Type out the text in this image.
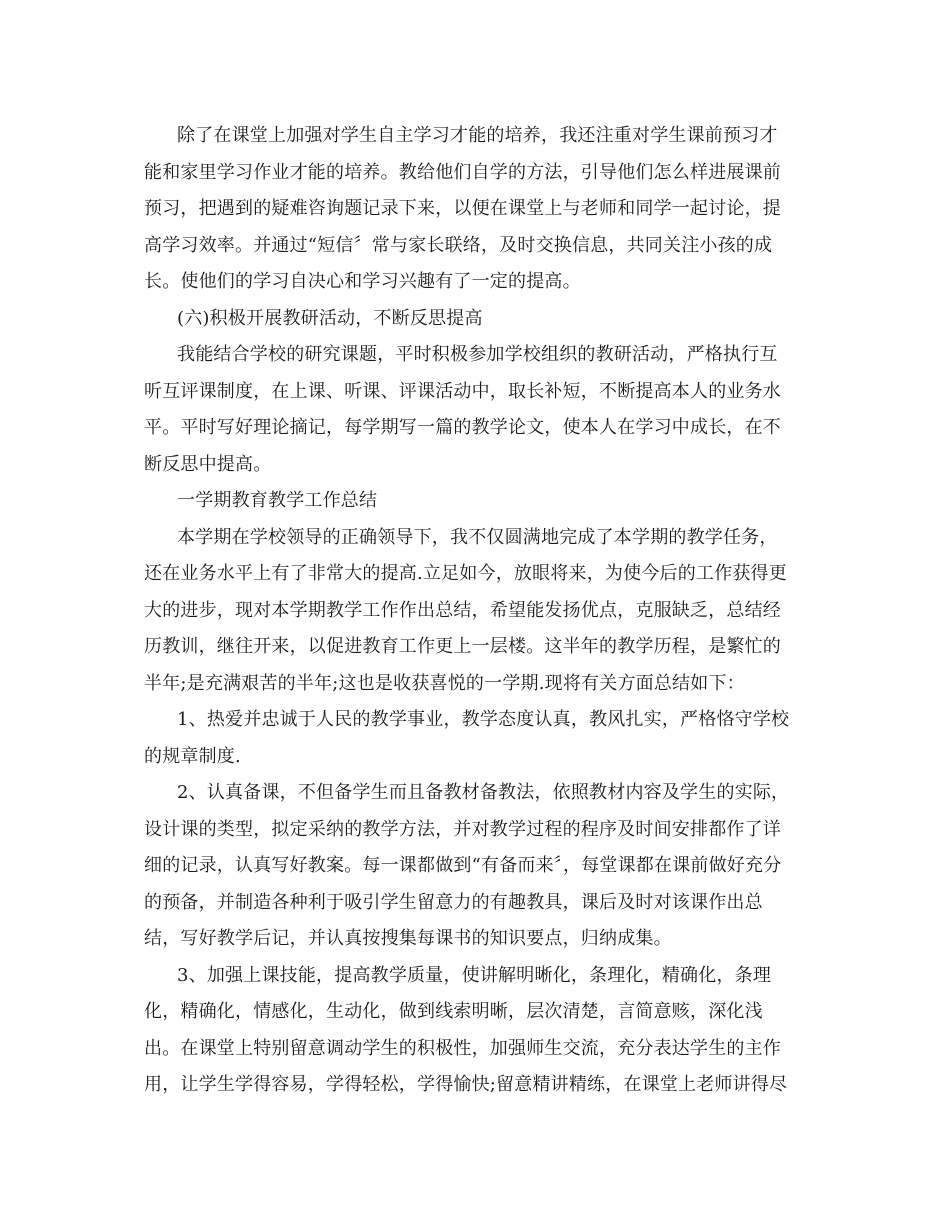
除了在课堂上加强对学生自主学习才能的培养，我还注重对学生课前预习才
能和家里学习作业才能的培养。教给他们自学的方法，引导他们怎么样进展课前
预习，把遇到的疑难咨询题记录下来，以便在课堂上与老师和同学一起讨论，提
高学习效率。并通过“短信〞常与家长联络，及时交换信息，共同关注小孩的成
长。使他们的学习自决心和学习兴趣有了一定的提高。
(六)积极开展教研活动，不断反思提高
我能结合学校的研究课题，平时积极参加学校组织的教研活动，严格执行互
听互评课制度，在上课、听课、评课活动中，取长补短，不断提高本人的业务水
平。平时写好理论摘记，每学期写一篇的教学论文，使本人在学习中成长，在不
断反思中提高。
一学期教育教学工作总结
本学期在学校领导的正确领导下，我不仅圆满地完成了本学期的教学任务，
还在业务水平上有了非常大的提高.立足如今，放眼将来，为使今后的工作获得更
大的进步，现对本学期教学工作作出总结，希望能发扬优点，克服缺乏，总结经
历教训，继往开来，以促进教育工作更上一层楼。这半年的教学历程，是繁忙的
半年;是充满艰苦的半年;这也是收获喜悦的一学期.现将有关方面总结如下：
1、热爱并忠诚于人民的教学事业，教学态度认真，教风扎实，严格恪守学校
的规章制度.
2、认真备课，不但备学生而且备教材备教法，依照教材内容及学生的实际，
设计课的类型，拟定采纳的教学方法，并对教学过程的程序及时间安排都作了详
细的记录，认真写好教案。每一课都做到“有备而来〞，每堂课都在课前做好充分
的预备，并制造各种利于吸引学生留意力的有趣教具，课后及时对该课作出总
结，写好教学后记，并认真按搜集每课书的知识要点，归纳成集。
3、加强上课技能，提高教学质量，使讲解明晰化，条理化，精确化，条理
化，精确化，情感化，生动化，做到线索明晰，层次清楚，言简意赅，深化浅
出。在课堂上特别留意调动学生的积极性，加强师生交流，充分表达学生的主作
用，让学生学得容易，学得轻松，学得愉快;留意精讲精练，在课堂上老师讲得尽
